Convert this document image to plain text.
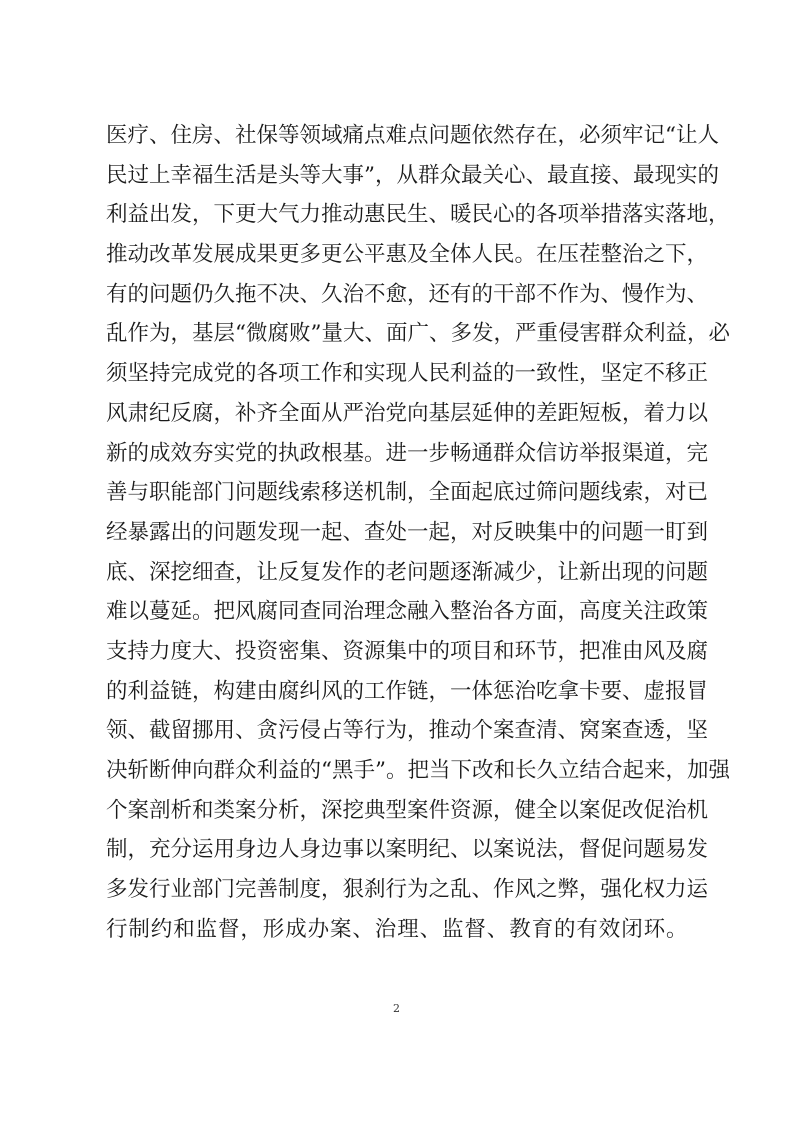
医疗、住房、社保等领域痛点难点问题依然存在，必须牢记“让人
民过上幸福生活是头等大事”，从群众最关心、最直接、最现实的
利益出发，下更大气力推动惠民生、暖民心的各项举措落实落地，
推动改革发展成果更多更公平惠及全体人民。在压茬整治之下，
有的问题仍久拖不决、久治不愈，还有的干部不作为、慢作为、
乱作为，基层“微腐败”量大、面广、多发，严重侵害群众利益，必
须坚持完成党的各项工作和实现人民利益的一致性，坚定不移正
风肃纪反腐，补齐全面从严治党向基层延伸的差距短板，着力以
新的成效夯实党的执政根基。进一步畅通群众信访举报渠道，完
善与职能部门问题线索移送机制，全面起底过筛问题线索，对已
经暴露出的问题发现一起、查处一起，对反映集中的问题一盯到
底、深挖细查，让反复发作的老问题逐渐减少，让新出现的问题
难以蔓延。把风腐同查同治理念融入整治各方面，高度关注政策
支持力度大、投资密集、资源集中的项目和环节，把准由风及腐
的利益链，构建由腐纠风的工作链，一体惩治吃拿卡要、虚报冒
领、截留挪用、贪污侵占等行为，推动个案查清、窝案查透，坚
决斩断伸向群众利益的“黑手”。把当下改和长久立结合起来，加强
个案剖析和类案分析，深挖典型案件资源，健全以案促改促治机
制，充分运用身边人身边事以案明纪、以案说法，督促问题易发
多发行业部门完善制度，狠刹行为之乱、作风之弊，强化权力运
行制约和监督，形成办案、治理、监督、教育的有效闭环。
2
